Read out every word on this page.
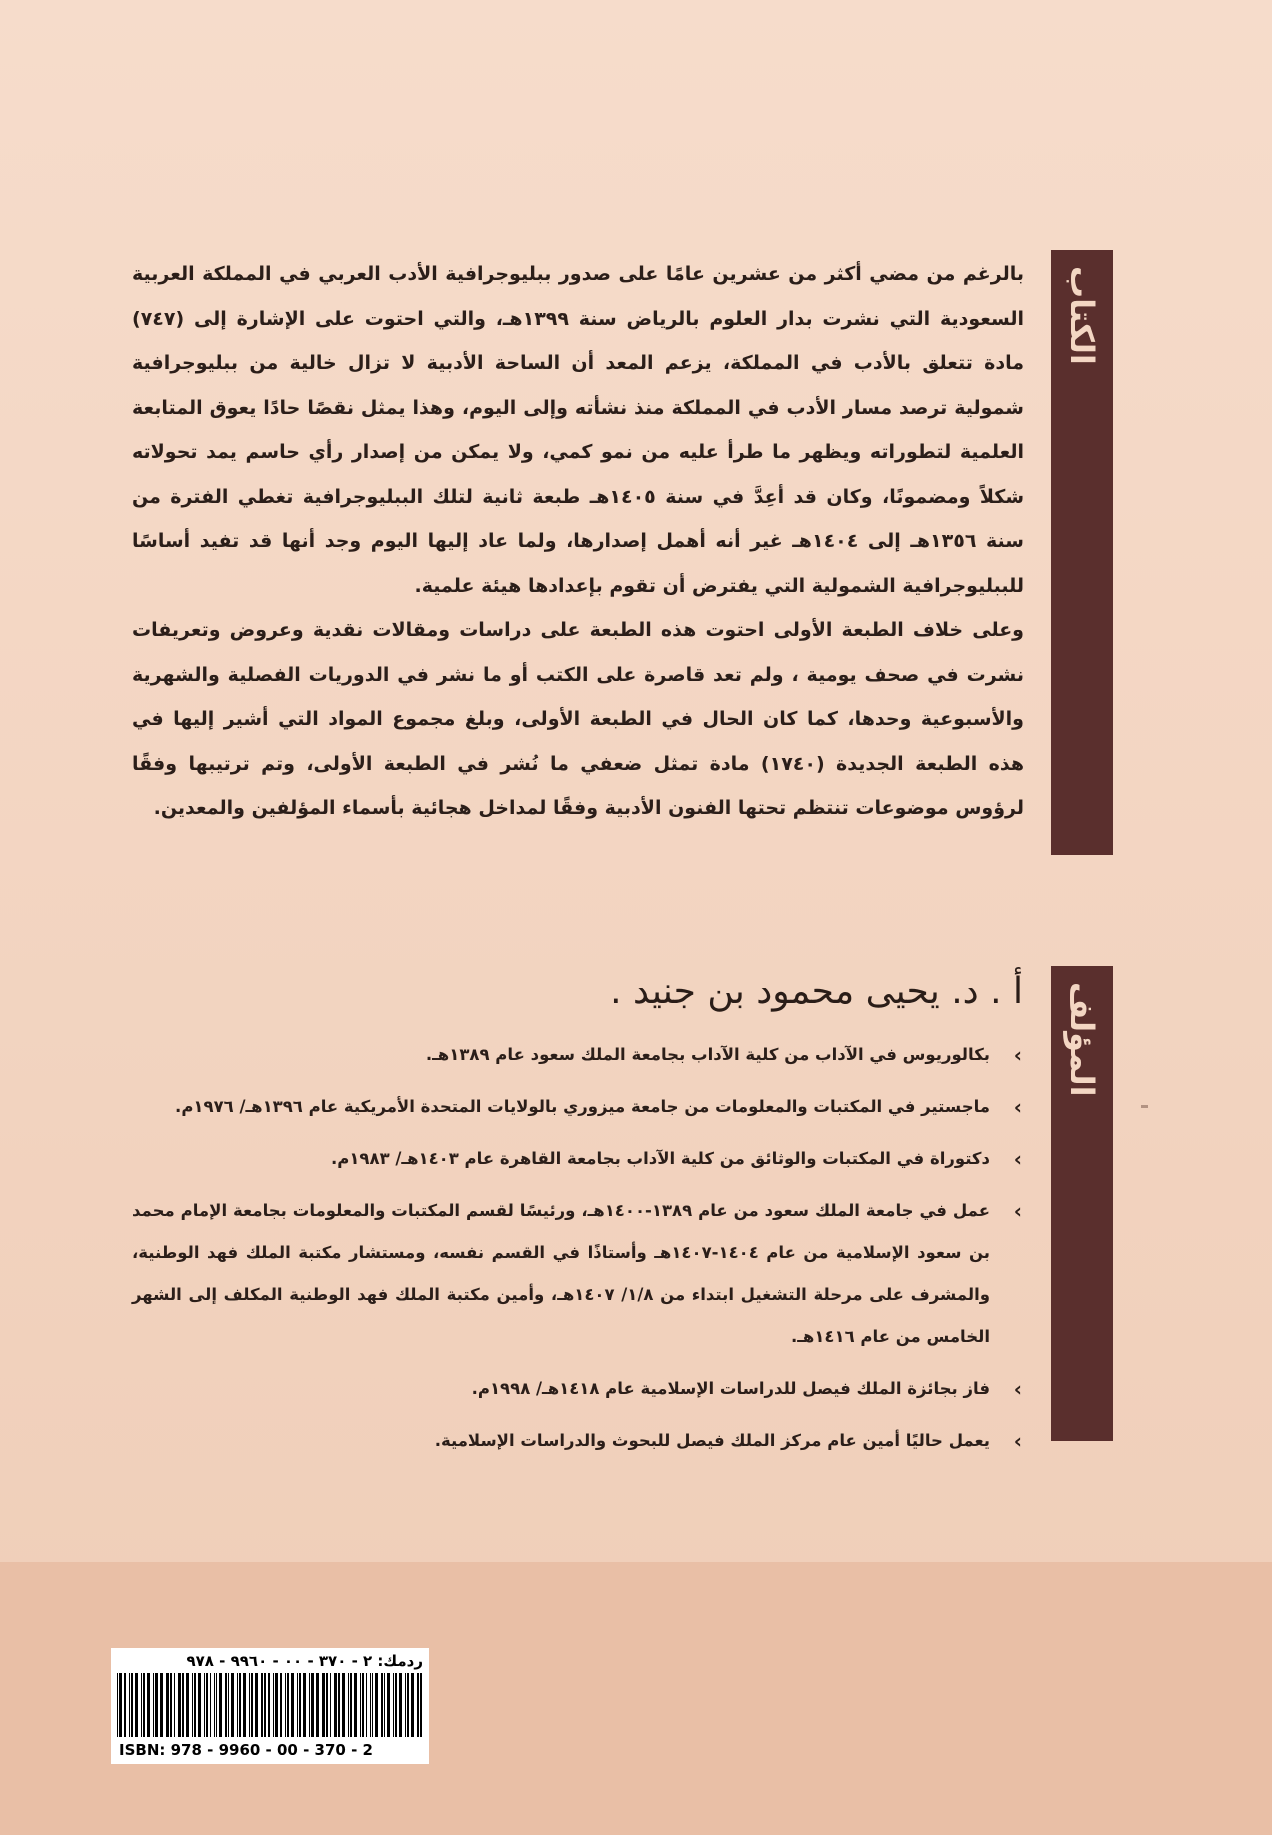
الكتاب

بالرغم من مضي أكثر من عشرين عامًا على صدور ببليوجرافية الأدب العربي في المملكة العربية السعودية التي نشرت بدار العلوم بالرياض سنة ١٣٩٩هـ، والتي احتوت على الإشارة إلى (٧٤٧) مادة تتعلق بالأدب في المملكة، يزعم المعد أن الساحة الأدبية لا تزال خالية من ببليوجرافية شمولية ترصد مسار الأدب في المملكة منذ نشأته وإلى اليوم، وهذا يمثل نقصًا حادًا يعوق المتابعة العلمية لتطوراته ويظهر ما طرأ عليه من نمو كمي، ولا يمكن من إصدار رأي حاسم يمد تحولاته شكلاً ومضمونًا، وكان قد أعِدَّ في سنة ١٤٠٥هـ طبعة ثانية لتلك الببليوجرافية تغطي الفترة من سنة ١٣٥٦هـ إلى ١٤٠٤هـ غير أنه أهمل إصدارها، ولما عاد إليها اليوم وجد أنها قد تفيد أساسًا للببليوجرافية الشمولية التي يفترض أن تقوم بإعدادها هيئة علمية.

وعلى خلاف الطبعة الأولى احتوت هذه الطبعة على دراسات ومقالات نقدية وعروض وتعريفات نشرت في صحف يومية ، ولم تعد قاصرة على الكتب أو ما نشر في الدوريات الفصلية والشهرية والأسبوعية وحدها، كما كان الحال في الطبعة الأولى، وبلغ مجموع المواد التي أشير إليها في هذه الطبعة الجديدة (١٧٤٠) مادة تمثل ضعفي ما نُشر في الطبعة الأولى، وتم ترتيبها وفقًا لرؤوس موضوعات تنتظم تحتها الفنون الأدبية وفقًا لمداخل هجائية بأسماء المؤلفين والمعدين.

المؤلف
أ . د. يحيى محمود بن جنيد .
›
بكالوريوس في الآداب من كلية الآداب بجامعة الملك سعود عام ١٣٨٩هـ.
›
ماجستير في المكتبات والمعلومات من جامعة ميزوري بالولايات المتحدة الأمريكية عام ١٣٩٦هـ/ ١٩٧٦م.
›
دكتوراة في المكتبات والوثائق من كلية الآداب بجامعة القاهرة عام ١٤٠٣هـ/ ١٩٨٣م.
›
عمل في جامعة الملك سعود من عام ١٣٨٩-١٤٠٠هـ، ورئيسًا لقسم المكتبات والمعلومات بجامعة الإمام محمد بن سعود الإسلامية من عام ١٤٠٤-١٤٠٧هـ وأستاذًا في القسم نفسه، ومستشار مكتبة الملك فهد الوطنية، والمشرف على مرحلة التشغيل ابتداء من ١/٨/ ١٤٠٧هـ، وأمين مكتبة الملك فهد الوطنية المكلف إلى الشهر الخامس من عام ١٤١٦هـ.
›
فاز بجائزة الملك فيصل للدراسات الإسلامية عام ١٤١٨هـ/ ١٩٩٨م.
›
يعمل حاليًا أمين عام مركز الملك فيصل للبحوث والدراسات الإسلامية.
ردمك: ٢ - ٣٧٠ - ٠٠ - ٩٩٦٠ - ٩٧٨
ISBN: 978 - 9960 - 00 - 370 - 2
